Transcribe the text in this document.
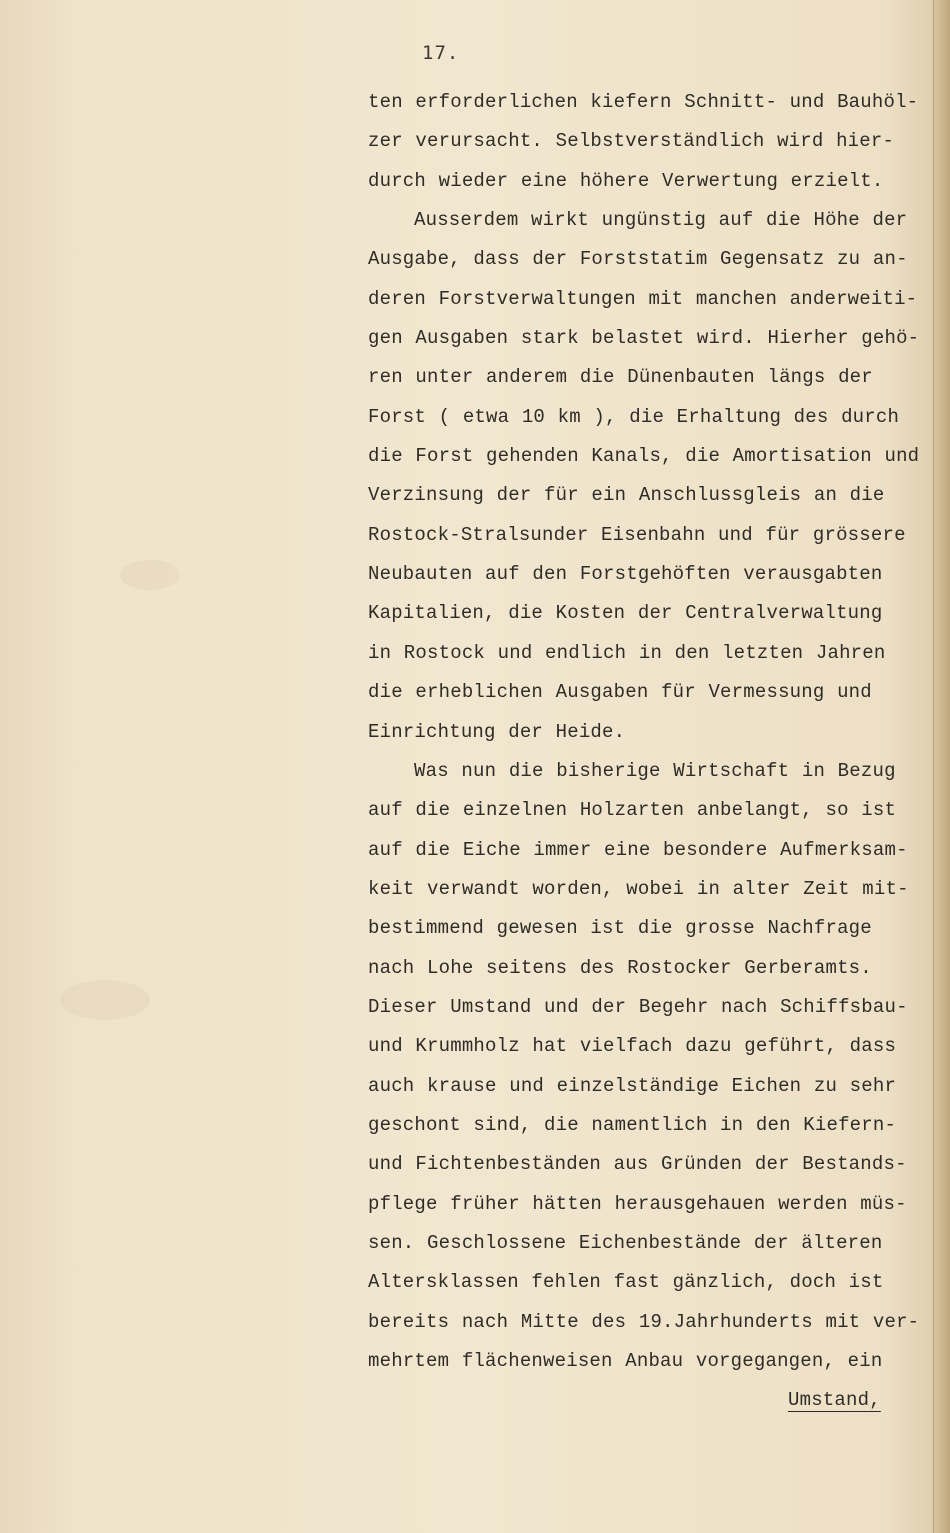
17.
ten erforderlichen kiefern Schnitt- und Bauhöl-
zer verursacht. Selbstverständlich wird hier-
durch wieder eine höhere Verwertung erzielt.
Ausserdem wirkt ungünstig auf die Höhe der
Ausgabe, dass der Forststatim Gegensatz zu an-
deren Forstverwaltungen mit manchen anderweiti-
gen Ausgaben stark belastet wird. Hierher gehö-
ren unter anderem die Dünenbauten längs der
Forst ( etwa 10 km ), die Erhaltung des durch
die Forst gehenden Kanals, die Amortisation und
Verzinsung der für ein Anschlussgleis an die
Rostock-Stralsunder Eisenbahn und für grössere
Neubauten auf den Forstgehöften verausgabten
Kapitalien, die Kosten der Centralverwaltung
in Rostock und endlich in den letzten Jahren
die erheblichen Ausgaben für Vermessung und
Einrichtung der Heide.
Was nun die bisherige Wirtschaft in Bezug
auf die einzelnen Holzarten anbelangt, so ist
auf die Eiche immer eine besondere Aufmerksam-
keit verwandt worden, wobei in alter Zeit mit-
bestimmend gewesen ist die grosse Nachfrage
nach Lohe seitens des Rostocker Gerberamts.
Dieser Umstand und der Begehr nach Schiffsbau-
und Krummholz hat vielfach dazu geführt, dass
auch krause und einzelständige Eichen zu sehr
geschont sind, die namentlich in den Kiefern-
und Fichtenbeständen aus Gründen der Bestands-
pflege früher hätten herausgehauen werden müs-
sen. Geschlossene Eichenbestände der älteren
Altersklassen fehlen fast gänzlich, doch ist
bereits nach Mitte des 19.Jahrhunderts mit ver-
mehrtem flächenweisen Anbau vorgegangen, ein
Umstand,
